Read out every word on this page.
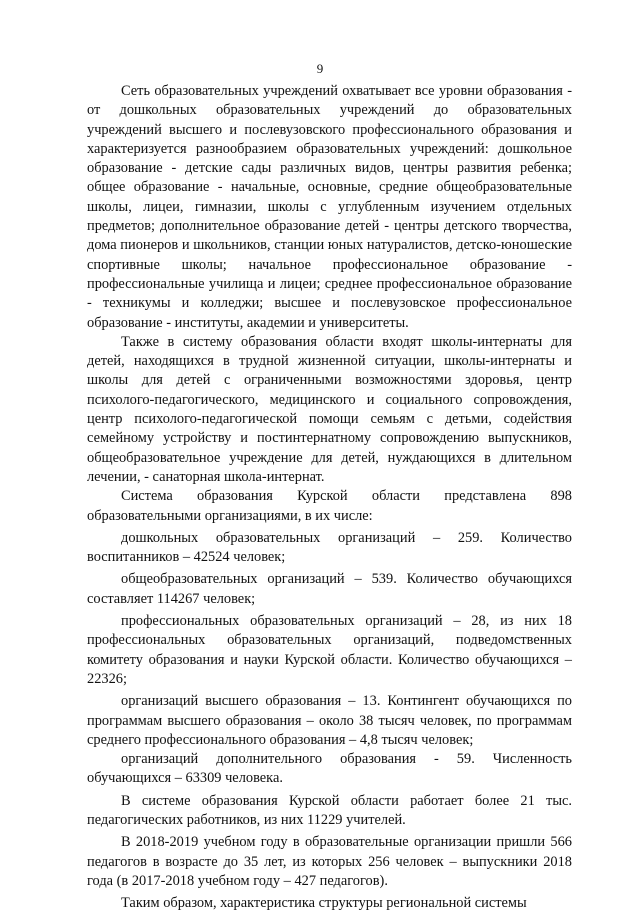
9

Сеть образовательных учреждений охватывает все уровни образования - от дошкольных образовательных учреждений до образовательных учреждений высшего и послевузовского профессионального образования и характеризуется разнообразием образовательных учреждений: дошкольное образование - детские сады различных видов, центры развития ребенка; общее образование - начальные, основные, средние общеобразовательные школы, лицеи, гимназии, школы с углубленным изучением отдельных предметов; дополнительное образование детей - центры детского творчества, дома пионеров и школьников, станции юных натуралистов, детско-юношеские спортивные школы; начальное профессиональное образование - профессиональные училища и лицеи; среднее профессиональное образование - техникумы и колледжи; высшее и послевузовское профессиональное образование - институты, академии и университеты.

Также в систему образования области входят школы-интернаты для детей, находящихся в трудной жизненной ситуации, школы-интернаты и школы для детей с ограниченными возможностями здоровья, центр психолого-педагогического, медицинского и социального сопровождения, центр психолого-педагогической помощи семьям с детьми, содействия семейному устройству и постинтернатному сопровождению выпускников, общеобразовательное учреждение для детей, нуждающихся в длительном лечении, - санаторная школа-интернат.

Система образования Курской области представлена 898 образовательными организациями, в их числе:

дошкольных образовательных организаций – 259. Количество воспитанников – 42524 человек;

общеобразовательных организаций – 539. Количество обучающихся составляет 114267 человек;

профессиональных образовательных организаций – 28, из них 18 профессиональных образовательных организаций, подведомственных комитету образования и науки Курской области. Количество обучающихся – 22326;

организаций высшего образования – 13. Контингент обучающихся по программам высшего образования – около 38 тысяч человек, по программам среднего профессионального образования – 4,8 тысяч человек;

организаций дополнительного образования - 59. Численность обучающихся – 63309 человека.

В системе образования Курской области работает более 21 тыс. педагогических работников, из них 11229 учителей.

В 2018-2019 учебном году в образовательные организации пришли 566 педагогов в возрасте до 35 лет, из которых 256 человек – выпускники 2018 года (в 2017-2018 учебном году – 427 педагогов).

Таким образом, характеристика структуры региональной системы
